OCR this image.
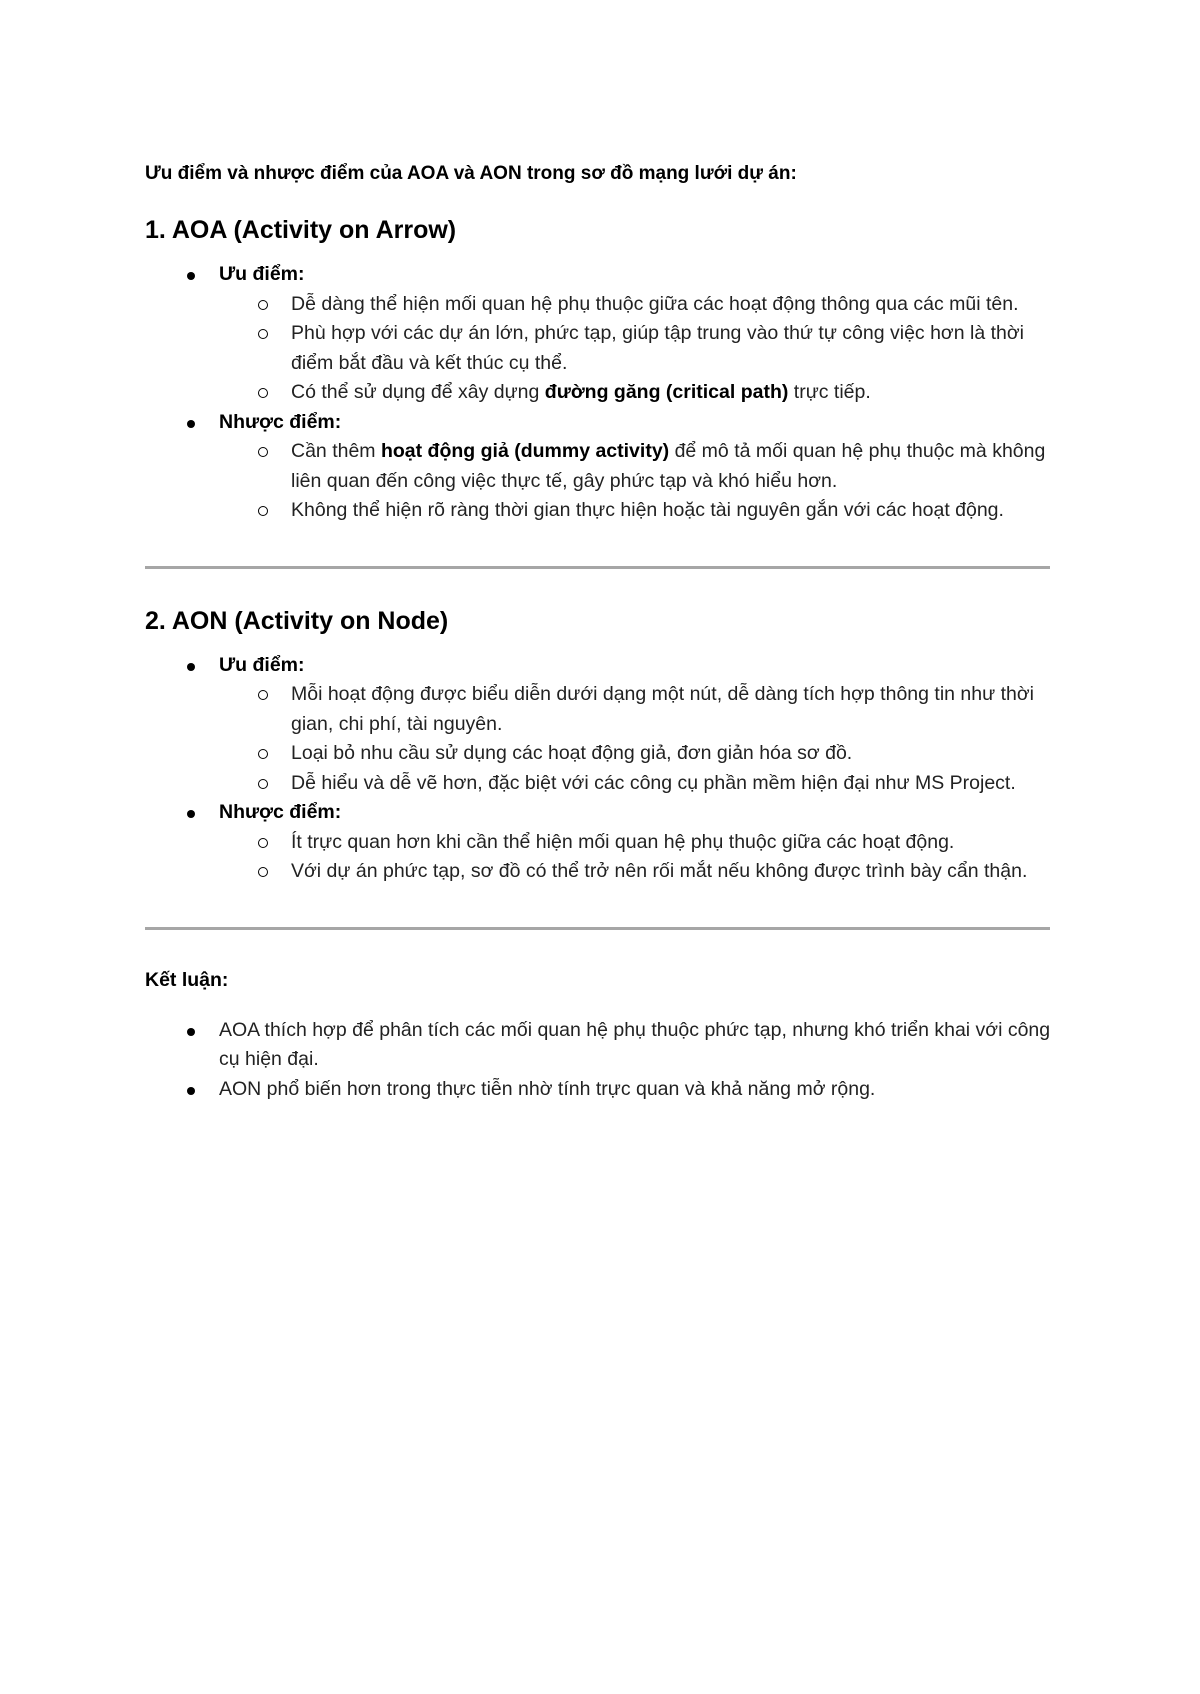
Ưu điểm và nhược điểm của AOA và AON trong sơ đồ mạng lưới dự án:

1. AOA (Activity on Arrow)
Ưu điểm:
Dễ dàng thể hiện mối quan hệ phụ thuộc giữa các hoạt động thông qua các mũi tên.
Phù hợp với các dự án lớn, phức tạp, giúp tập trung vào thứ tự công việc hơn là thời điểm bắt đầu và kết thúc cụ thể.
Có thể sử dụng để xây dựng đường găng (critical path) trực tiếp.
Nhược điểm:
Cần thêm hoạt động giả (dummy activity) để mô tả mối quan hệ phụ thuộc mà không liên quan đến công việc thực tế, gây phức tạp và khó hiểu hơn.
Không thể hiện rõ ràng thời gian thực hiện hoặc tài nguyên gắn với các hoạt động.
2. AON (Activity on Node)
Ưu điểm:
Mỗi hoạt động được biểu diễn dưới dạng một nút, dễ dàng tích hợp thông tin như thời gian, chi phí, tài nguyên.
Loại bỏ nhu cầu sử dụng các hoạt động giả, đơn giản hóa sơ đồ.
Dễ hiểu và dễ vẽ hơn, đặc biệt với các công cụ phần mềm hiện đại như MS Project.
Nhược điểm:
Ít trực quan hơn khi cần thể hiện mối quan hệ phụ thuộc giữa các hoạt động.
Với dự án phức tạp, sơ đồ có thể trở nên rối mắt nếu không được trình bày cẩn thận.

Kết luận:

AOA thích hợp để phân tích các mối quan hệ phụ thuộc phức tạp, nhưng khó triển khai với công cụ hiện đại.
AON phổ biến hơn trong thực tiễn nhờ tính trực quan và khả năng mở rộng.
